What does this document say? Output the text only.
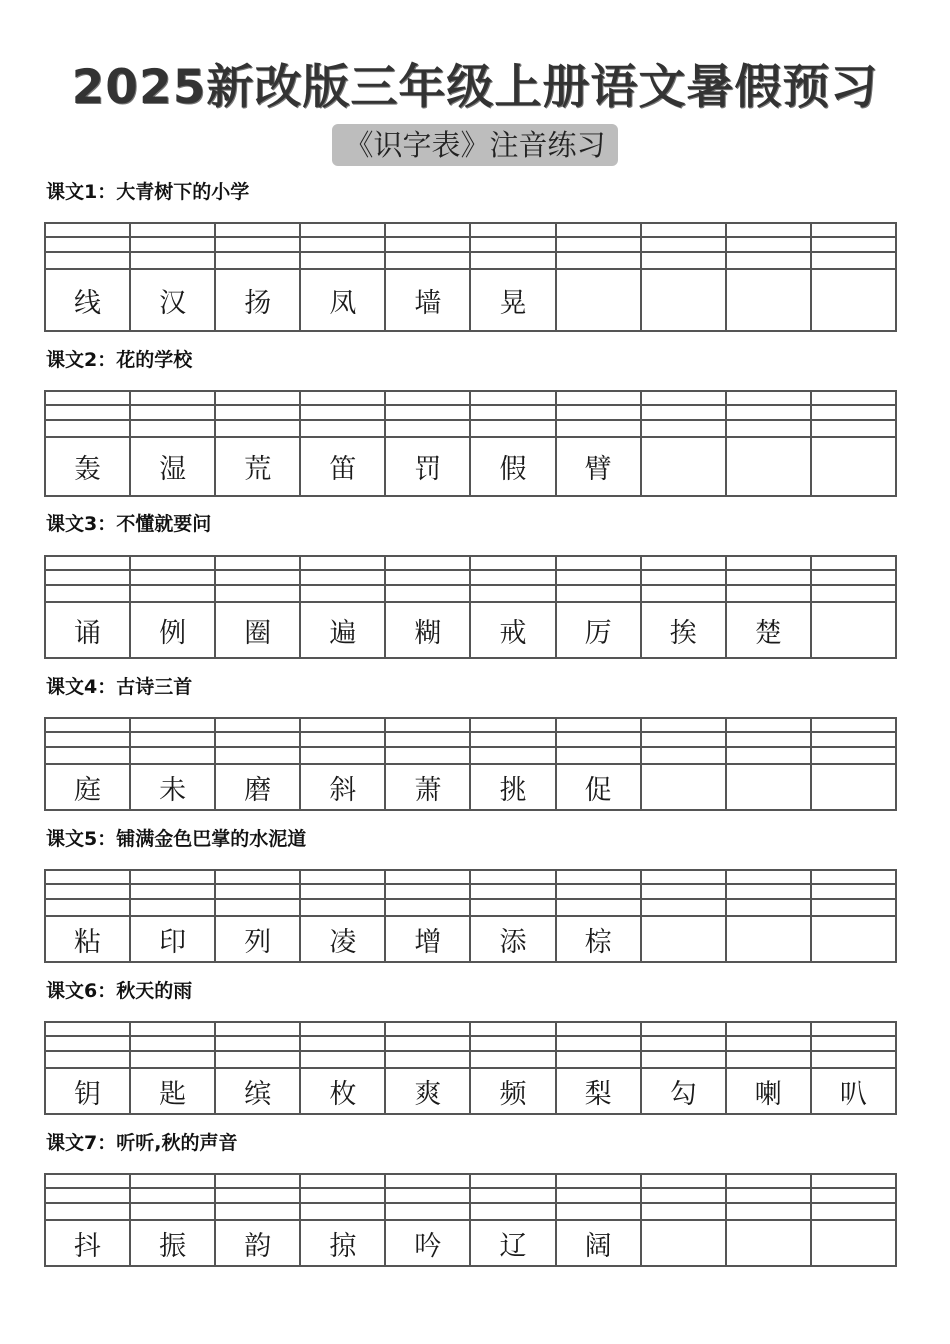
2025新改版三年级上册语文暑假预习
《识字表》注音练习
课文1：大青树下的小学
线	汉	扬	凤	墙	晃
课文2：花的学校
轰	湿	荒	笛	罚	假	臂
课文3：不懂就要问
诵	例	圈	遍	糊	戒	厉	挨	楚
课文4：古诗三首
庭	未	磨	斜	萧	挑	促
课文5：铺满金色巴掌的水泥道
粘	印	列	凌	增	添	棕
课文6：秋天的雨
钥	匙	缤	枚	爽	频	梨	勾	喇	叭
课文7：听听,秋的声音
抖	振	韵	掠	吟	辽	阔
